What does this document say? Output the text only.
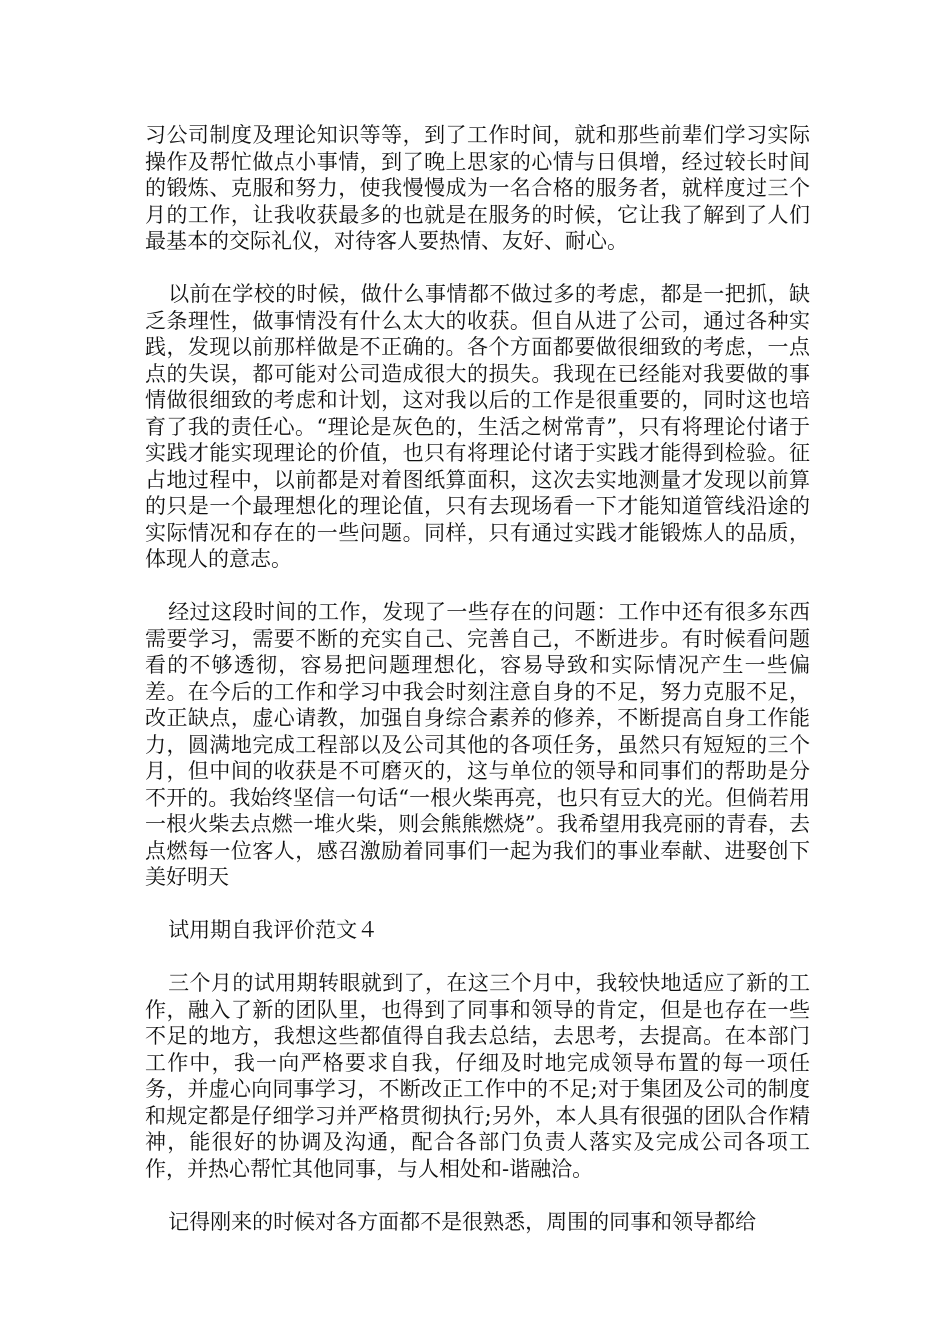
习公司制度及理论知识等等，到了工作时间，就和那些前辈们学习实际操作及帮忙做点小事情，到了晚上思家的心情与日俱增，经过较长时间的锻炼、克服和努力，使我慢慢成为一名合格的服务者，就样度过三个月的工作，让我收获最多的也就是在服务的时候，它让我了解到了人们最基本的交际礼仪，对待客人要热情、友好、耐心。

以前在学校的时候，做什么事情都不做过多的考虑，都是一把抓，缺乏条理性，做事情没有什么太大的收获。但自从进了公司，通过各种实践，发现以前那样做是不正确的。各个方面都要做很细致的考虑，一点点的失误，都可能对公司造成很大的损失。我现在已经能对我要做的事情做很细致的考虑和计划，这对我以后的工作是很重要的，同时这也培育了我的责任心。“理论是灰色的，生活之树常青”，只有将理论付诸于实践才能实现理论的价值，也只有将理论付诸于实践才能得到检验。征占地过程中，以前都是对着图纸算面积，这次去实地测量才发现以前算的只是一个最理想化的理论值，只有去现场看一下才能知道管线沿途的实际情况和存在的一些问题。同样，只有通过实践才能锻炼人的品质，体现人的意志。

经过这段时间的工作，发现了一些存在的问题：工作中还有很多东西需要学习，需要不断的充实自己、完善自己，不断进步。有时候看问题看的不够透彻，容易把问题理想化，容易导致和实际情况产生一些偏差。在今后的工作和学习中我会时刻注意自身的不足，努力克服不足，改正缺点，虚心请教，加强自身综合素养的修养，不断提高自身工作能力，圆满地完成工程部以及公司其他的各项任务，虽然只有短短的三个月，但中间的收获是不可磨灭的，这与单位的领导和同事们的帮助是分不开的。我始终坚信一句话“一根火柴再亮，也只有豆大的光。但倘若用一根火柴去点燃一堆火柴，则会熊熊燃烧”。我希望用我亮丽的青春，去点燃每一位客人，感召激励着同事们一起为我们的事业奉献、进娶创下美好明天

试用期自我评价范文４

三个月的试用期转眼就到了，在这三个月中，我较快地适应了新的工作，融入了新的团队里，也得到了同事和领导的肯定，但是也存在一些不足的地方，我想这些都值得自我去总结，去思考，去提高。在本部门工作中，我一向严格要求自我，仔细及时地完成领导布置的每一项任务，并虚心向同事学习，不断改正工作中的不足;对于集团及公司的制度和规定都是仔细学习并严格贯彻执行;另外，本人具有很强的团队合作精神，能很好的协调及沟通，配合各部门负责人落实及完成公司各项工作，并热心帮忙其他同事，与人相处和-谐融洽。

记得刚来的时候对各方面都不是很熟悉，周围的同事和领导都给
